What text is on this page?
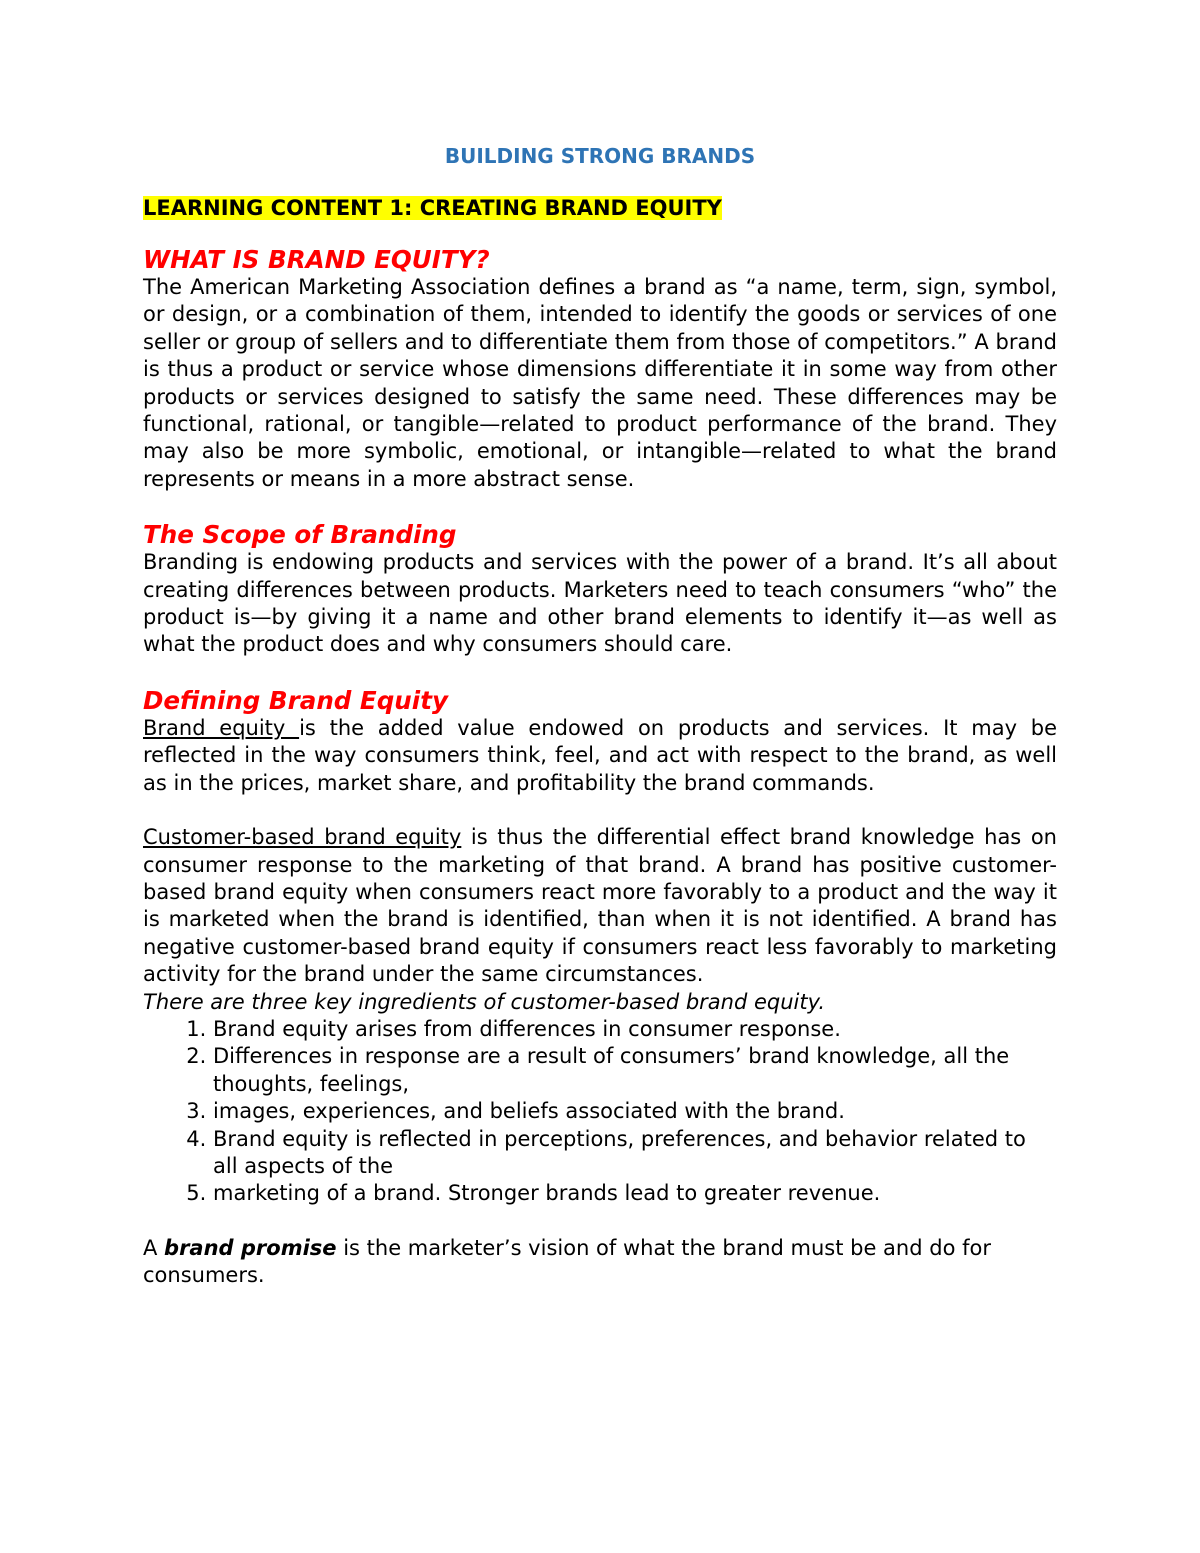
BUILDING STRONG BRANDS
LEARNING CONTENT 1: CREATING BRAND EQUITY
WHAT IS BRAND EQUITY?

The American Marketing Association defines a brand as “a name, term, sign, symbol, or design, or a combination of them, intended to identify the goods or services of one seller or group of sellers and to differentiate them from those of competitors.” A brand is thus a product or service whose dimensions differentiate it in some way from other products or services designed to satisfy the same need. These differences may be functional, rational, or tangible—related to product performance of the brand. They may also be more symbolic, emotional, or intangible—related to what the brand represents or means in a more abstract sense.

The Scope of Branding

Branding is endowing products and services with the power of a brand. It’s all about creating differences between products. Marketers need to teach consumers “who” the product is—by giving it a name and other brand elements to identify it—as well as what the product does and why consumers should care.

Defining Brand Equity

Brand equity is the added value endowed on products and services. It may be reflected in the way consumers think, feel, and act with respect to the brand, as well as in the prices, market share, and profitability the brand commands.

Customer-based brand equity is thus the differential effect brand knowledge has on consumer response to the marketing of that brand. A brand has positive customer-based brand equity when consumers react more favorably to a product and the way it is marketed when the brand is identified, than when it is not identified. A brand has negative customer-based brand equity if consumers react less favorably to marketing activity for the brand under the same circumstances.

There are three key ingredients of customer-based brand equity.

1. Brand equity arises from differences in consumer response.
2. Differences in response are a result of consumers’ brand knowledge, all the thoughts, feelings,
3. images, experiences, and beliefs associated with the brand.
4. Brand equity is reflected in perceptions, preferences, and behavior related to all aspects of the
5. marketing of a brand. Stronger brands lead to greater revenue.

A brand promise is the marketer’s vision of what the brand must be and do for consumers.
